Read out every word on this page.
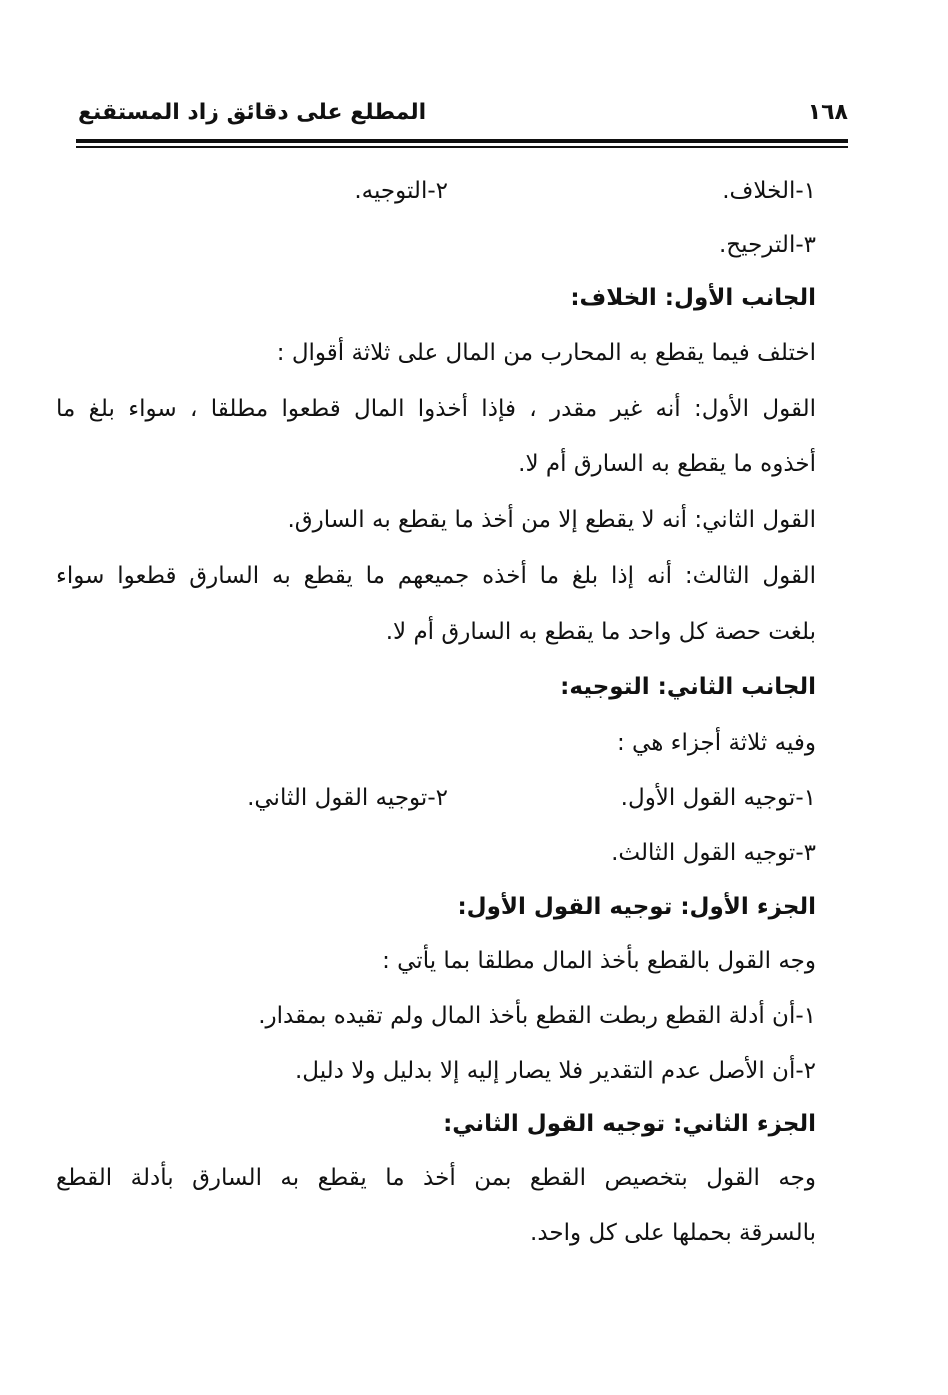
١٦٨
المطلع على دقائق زاد المستقنع
١-الخلاف.
٢-التوجيه.
٣-الترجيح.
الجانب الأول: الخلاف:
اختلف فيما يقطع به المحارب من المال على ثلاثة أقوال :
القول الأول: أنه غير مقدر ، فإذا أخذوا المال قطعوا مطلقا ، سواء بلغ ما
أخذوه ما يقطع به السارق أم لا.
القول الثاني: أنه لا يقطع إلا من أخذ ما يقطع به السارق.
القول الثالث: أنه إذا بلغ ما أخذه جميعهم ما يقطع به السارق قطعوا سواء
بلغت حصة كل واحد ما يقطع به السارق أم لا.
الجانب الثاني: التوجيه:
وفيه ثلاثة أجزاء هي :
١-توجيه القول الأول.
٢-توجيه القول الثاني.
٣-توجيه القول الثالث.
الجزء الأول: توجيه القول الأول:
وجه القول بالقطع بأخذ المال مطلقا بما يأتي :
١-أن أدلة القطع ربطت القطع بأخذ المال ولم تقيده بمقدار.
٢-أن الأصل عدم التقدير فلا يصار إليه إلا بدليل ولا دليل.
الجزء الثاني: توجيه القول الثاني:
وجه القول بتخصيص القطع بمن أخذ ما يقطع به السارق بأدلة القطع
بالسرقة بحملها على كل واحد.
